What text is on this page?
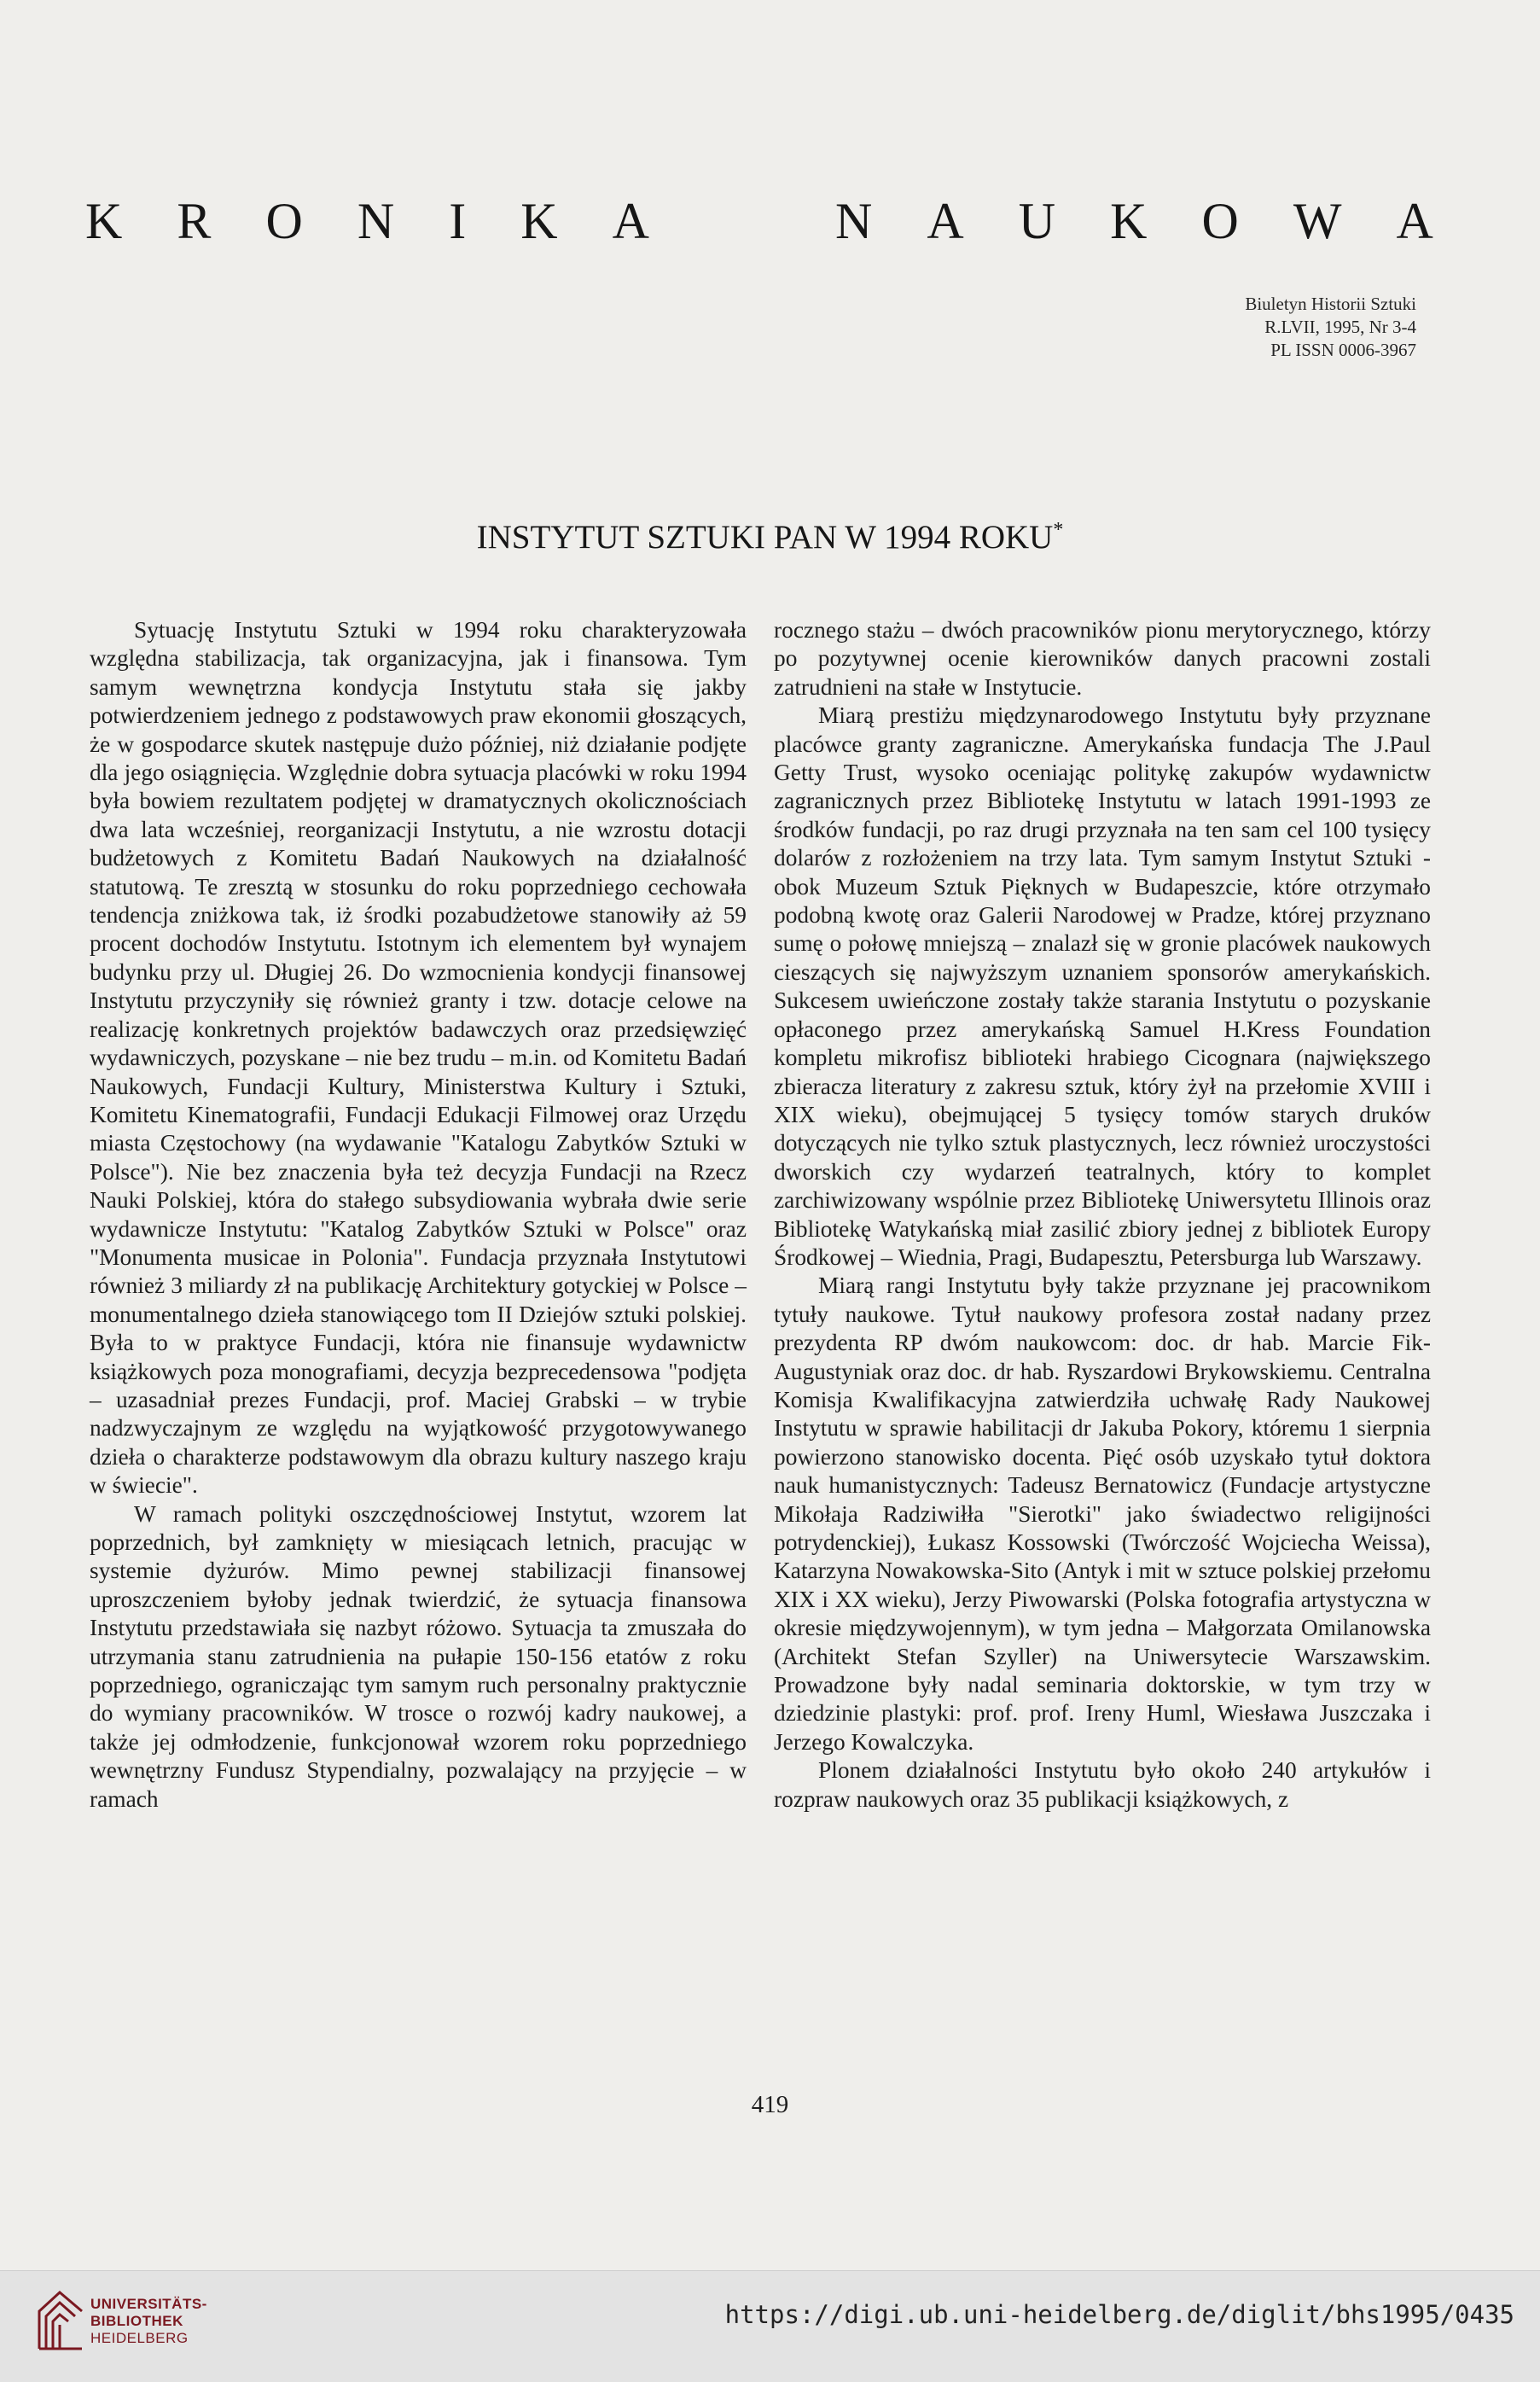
K R O N I K A	N A U K O W A
Biuletyn Historii Sztuki
R.LVII, 1995, Nr 3-4
PL ISSN 0006-3967
INSTYTUT SZTUKI PAN W 1994 ROKU*

Sytuację Instytutu Sztuki w 1994 roku charakteryzowała względna stabilizacja, tak organizacyjna, jak i finansowa. Tym samym wewnętrzna kondycja Instytutu stała się jakby potwierdzeniem jednego z podstawowych praw ekonomii głoszących, że w gospodarce skutek następuje dużo później, niż działanie podjęte dla jego osiągnięcia. Względnie dobra sytuacja placówki w roku 1994 była bowiem rezultatem podjętej w dramatycznych okolicznościach dwa lata wcześniej, reorganizacji Instytutu, a nie wzrostu dotacji budżetowych z Komitetu Badań Naukowych na działalność statutową. Te zresztą w stosunku do roku poprzedniego cechowała tendencja zniżkowa tak, iż środki pozabudżetowe stanowiły aż 59 procent dochodów Instytutu. Istotnym ich elementem był wynajem budynku przy ul. Długiej 26. Do wzmocnienia kondycji finansowej Instytutu przyczyniły się również granty i tzw. dotacje celowe na realizację konkretnych projektów badawczych oraz przedsięwzięć wydawniczych, pozyskane – nie bez trudu – m.in. od Komitetu Badań Naukowych, Fundacji Kultury, Ministerstwa Kultury i Sztuki, Komitetu Kinematografii, Fundacji Edukacji Filmowej oraz Urzędu miasta Częstochowy (na wydawanie "Katalogu Zabytków Sztuki w Polsce"). Nie bez znaczenia była też decyzja Fundacji na Rzecz Nauki Polskiej, która do stałego subsydiowania wybrała dwie serie wydawnicze Instytutu: "Katalog Zabytków Sztuki w Polsce" oraz "Monumenta musicae in Polonia". Fundacja przyznała Instytutowi również 3 miliardy zł na publikację Architektury gotyckiej w Polsce – monumentalnego dzieła stanowiącego tom II Dziejów sztuki polskiej. Była to w praktyce Fundacji, która nie finansuje wydawnictw książkowych poza monografiami, decyzja bezprecedensowa "podjęta – uzasadniał prezes Fundacji, prof. Maciej Grabski – w trybie nadzwyczajnym ze względu na wyjątkowość przygotowywanego dzieła o charakterze podstawowym dla obrazu kultury naszego kraju w świecie".

W ramach polityki oszczędnościowej Instytut, wzorem lat poprzednich, był zamknięty w miesiącach letnich, pracując w systemie dyżurów. Mimo pewnej stabilizacji finansowej uproszczeniem byłoby jednak twierdzić, że sytuacja finansowa Instytutu przedstawiała się nazbyt różowo. Sytuacja ta zmuszała do utrzymania stanu zatrudnienia na pułapie 150-156 etatów z roku poprzedniego, ograniczając tym samym ruch personalny praktycznie do wymiany pracowników. W trosce o rozwój kadry naukowej, a także jej odmłodzenie, funkcjonował wzorem roku poprzedniego wewnętrzny Fundusz Stypendialny, pozwalający na przyjęcie – w ramach

rocznego stażu – dwóch pracowników pionu merytorycznego, którzy po pozytywnej ocenie kierowników danych pracowni zostali zatrudnieni na stałe w Instytucie.

Miarą prestiżu międzynarodowego Instytutu były przyznane placówce granty zagraniczne. Amerykańska fundacja The J.Paul Getty Trust, wysoko oceniając politykę zakupów wydawnictw zagranicznych przez Bibliotekę Instytutu w latach 1991-1993 ze środków fundacji, po raz drugi przyznała na ten sam cel 100 tysięcy dolarów z rozłożeniem na trzy lata. Tym samym Instytut Sztuki - obok Muzeum Sztuk Pięknych w Budapeszcie, które otrzymało podobną kwotę oraz Galerii Narodowej w Pradze, której przyznano sumę o połowę mniejszą – znalazł się w gronie placówek naukowych cieszących się najwyższym uznaniem sponsorów amerykańskich. Sukcesem uwieńczone zostały także starania Instytutu o pozyskanie opłaconego przez amerykańską Samuel H.Kress Foundation kompletu mikrofisz biblioteki hrabiego Cicognara (największego zbieracza literatury z zakresu sztuk, który żył na przełomie XVIII i XIX wieku), obejmującej 5 tysięcy tomów starych druków dotyczących nie tylko sztuk plastycznych, lecz również uroczystości dworskich czy wydarzeń teatralnych, który to komplet zarchiwizowany wspólnie przez Bibliotekę Uniwersytetu Illinois oraz Bibliotekę Watykańską miał zasilić zbiory jednej z bibliotek Europy Środkowej – Wiednia, Pragi, Budapesztu, Petersburga lub Warszawy.

Miarą rangi Instytutu były także przyznane jej pracownikom tytuły naukowe. Tytuł naukowy profesora został nadany przez prezydenta RP dwóm naukowcom: doc. dr hab. Marcie Fik-Augustyniak oraz doc. dr hab. Ryszardowi Brykowskiemu. Centralna Komisja Kwalifikacyjna zatwierdziła uchwałę Rady Naukowej Instytutu w sprawie habilitacji dr Jakuba Pokory, któremu 1 sierpnia powierzono stanowisko docenta. Pięć osób uzyskało tytuł doktora nauk humanistycznych: Tadeusz Bernatowicz (Fundacje artystyczne Mikołaja Radziwiłła "Sierotki" jako świadectwo religijności potrydenckiej), Łukasz Kossowski (Twórczość Wojciecha Weissa), Katarzyna Nowakowska-Sito (Antyk i mit w sztuce polskiej przełomu XIX i XX wieku), Jerzy Piwowarski (Polska fotografia artystyczna w okresie międzywojennym), w tym jedna – Małgorzata Omilanowska (Architekt Stefan Szyller) na Uniwersytecie Warszawskim. Prowadzone były nadal seminaria doktorskie, w tym trzy w dziedzinie plastyki: prof. prof. Ireny Huml, Wiesława Juszczaka i Jerzego Kowalczyka.

Plonem działalności Instytutu było około 240 artykułów i rozpraw naukowych oraz 35 publikacji książkowych, z

419
UNIVERSITÄTS-
BIBLIOTHEK
HEIDELBERG
https://digi.ub.uni-heidelberg.de/diglit/bhs1995/0435
